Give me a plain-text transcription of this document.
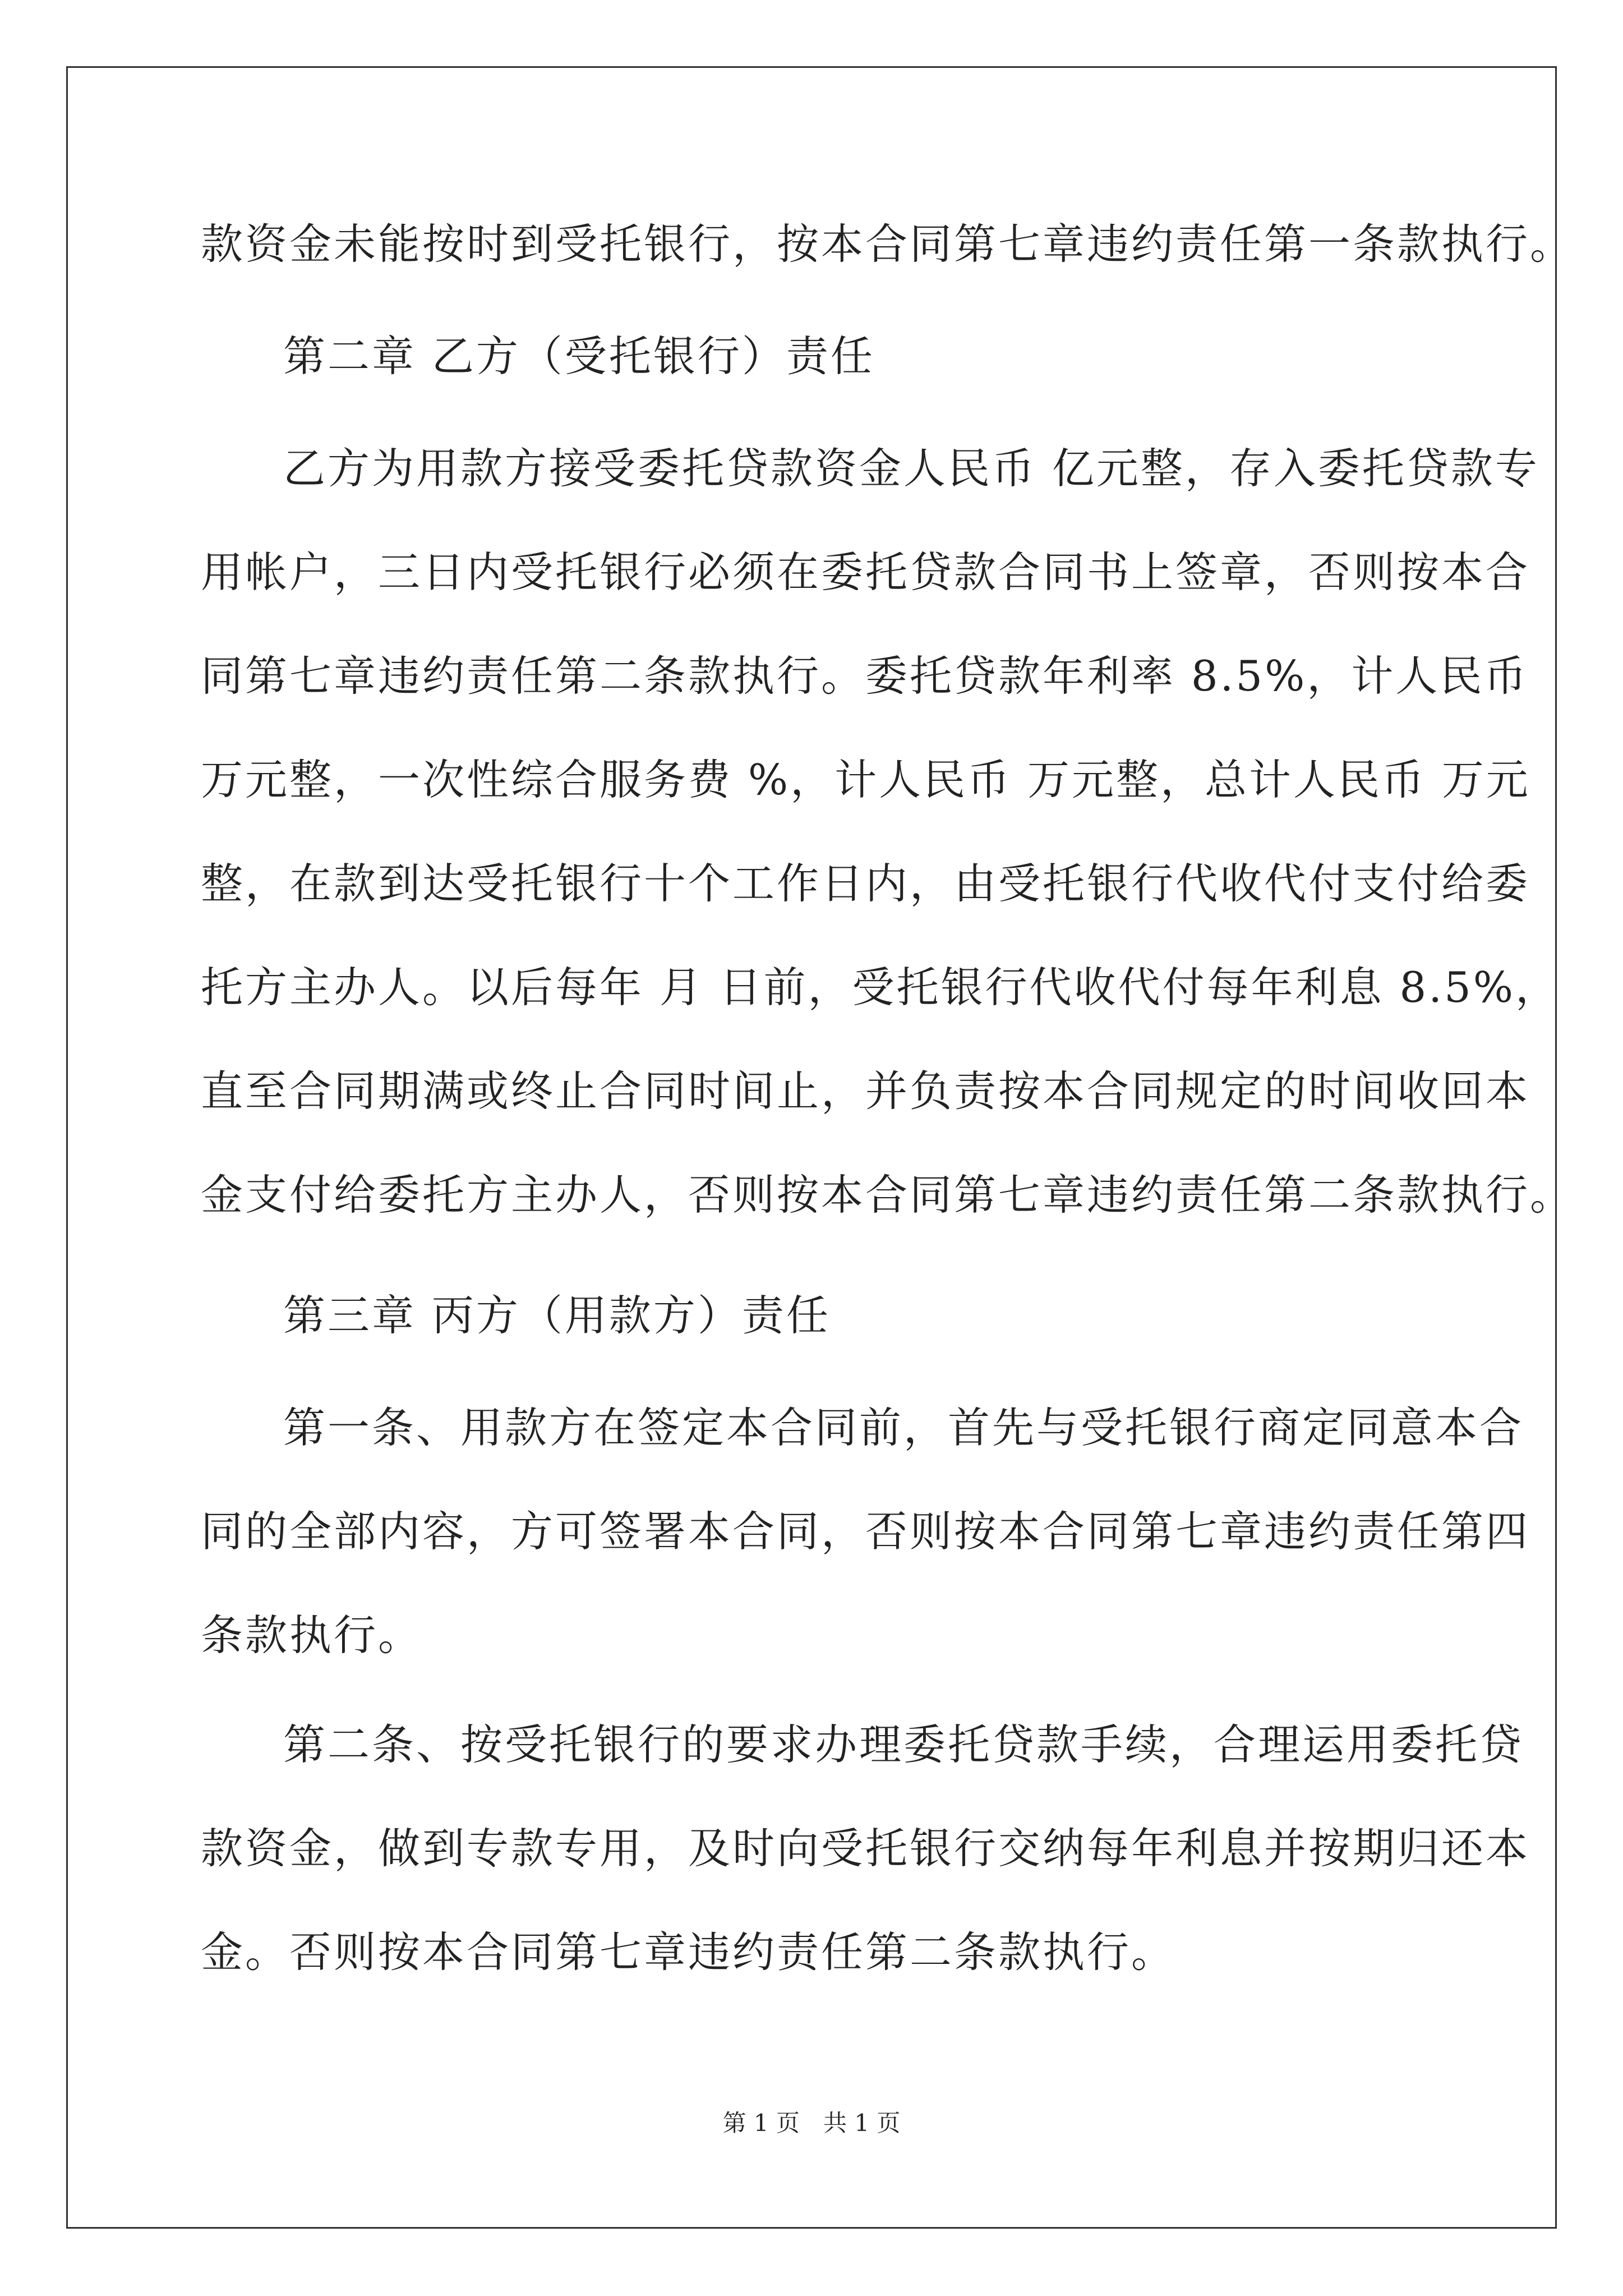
款资金未能按时到受托银行，按本合同第七章违约责任第一条款执行。

第二章 乙方（受托银行）责任

乙方为用款方接受委托贷款资金人民币 亿元整，存入委托贷款专

用帐户，三日内受托银行必须在委托贷款合同书上签章，否则按本合

同第七章违约责任第二条款执行。委托贷款年利率 8.5%，计人民币

万元整，一次性综合服务费 %，计人民币 万元整，总计人民币 万元

整，在款到达受托银行十个工作日内，由受托银行代收代付支付给委

托方主办人。以后每年 月 日前，受托银行代收代付每年利息 8.5%，

直至合同期满或终止合同时间止，并负责按本合同规定的时间收回本

金支付给委托方主办人，否则按本合同第七章违约责任第二条款执行。

第三章 丙方（用款方）责任

第一条、用款方在签定本合同前，首先与受托银行商定同意本合

同的全部内容，方可签署本合同，否则按本合同第七章违约责任第四

条款执行。

第二条、按受托银行的要求办理委托贷款手续，合理运用委托贷

款资金，做到专款专用，及时向受托银行交纳每年利息并按期归还本

金。否则按本合同第七章违约责任第二条款执行。

第 1 页　共 1 页
